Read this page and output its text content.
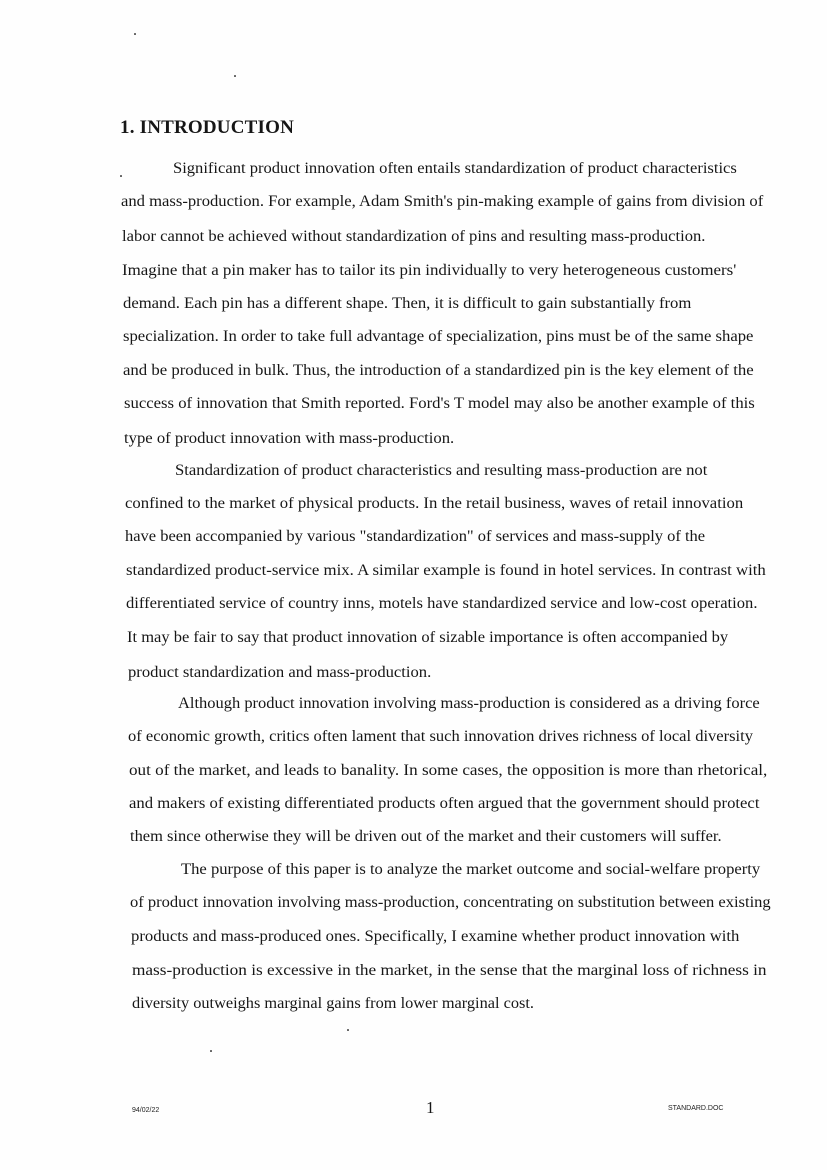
1. INTRODUCTION

Significant product innovation often entails standardization of product characteristics

and mass-production. For example, Adam Smith's pin-making example of gains from division of

labor cannot be achieved without standardization of pins and resulting mass-production.

Imagine that a pin maker has to tailor its pin individually to very heterogeneous customers'

demand. Each pin has a different shape. Then, it is difficult to gain substantially from

specialization. In order to take full advantage of specialization, pins must be of the same shape

and be produced in bulk. Thus, the introduction of a standardized pin is the key element of the

success of innovation that Smith reported. Ford's T model may also be another example of this

type of product innovation with mass-production.

Standardization of product characteristics and resulting mass-production are not

confined to the market of physical products. In the retail business, waves of retail innovation

have been accompanied by various "standardization" of services and mass-supply of the

standardized product-service mix. A similar example is found in hotel services. In contrast with

differentiated service of country inns, motels have standardized service and low-cost operation.

It may be fair to say that product innovation of sizable importance is often accompanied by

product standardization and mass-production.

Although product innovation involving mass-production is considered as a driving force

of economic growth, critics often lament that such innovation drives richness of local diversity

out of the market, and leads to banality. In some cases, the opposition is more than rhetorical,

and makers of existing differentiated products often argued that the government should protect

them since otherwise they will be driven out of the market and their customers will suffer.

The purpose of this paper is to analyze the market outcome and social-welfare property

of product innovation involving mass-production, concentrating on substitution between existing

products and mass-produced ones. Specifically, I examine whether product innovation with

mass-production is excessive in the market, in the sense that the marginal loss of richness in

diversity outweighs marginal gains from lower marginal cost.

94/02/22	1	STANDARD.DOC
